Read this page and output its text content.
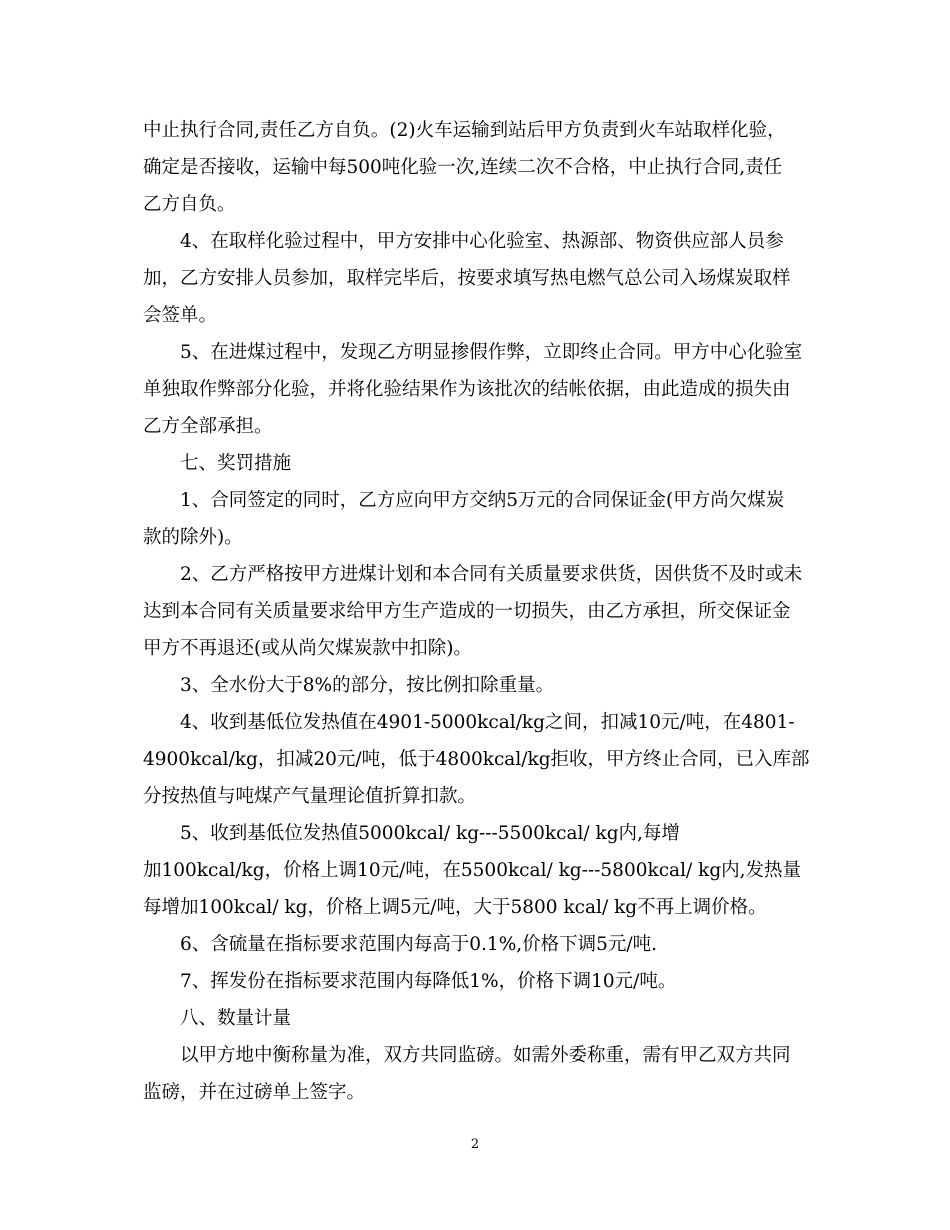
中止执行合同,责任乙方自负。(2)火车运输到站后甲方负责到火车站取样化验，
确定是否接收，运输中每500吨化验一次,连续二次不合格，中止执行合同,责任
乙方自负。
4、在取样化验过程中，甲方安排中心化验室、热源部、物资供应部人员参
加，乙方安排人员参加，取样完毕后，按要求填写热电燃气总公司入场煤炭取样
会签单。
5、在进煤过程中，发现乙方明显掺假作弊，立即终止合同。甲方中心化验室
单独取作弊部分化验，并将化验结果作为该批次的结帐依据，由此造成的损失由
乙方全部承担。
七、奖罚措施
1、合同签定的同时，乙方应向甲方交纳5万元的合同保证金(甲方尚欠煤炭
款的除外)。
2、乙方严格按甲方进煤计划和本合同有关质量要求供货，因供货不及时或未
达到本合同有关质量要求给甲方生产造成的一切损失，由乙方承担，所交保证金
甲方不再退还(或从尚欠煤炭款中扣除)。
3、全水份大于8%的部分，按比例扣除重量。
4、收到基低位发热值在4901-5000kcal/kg之间，扣减10元/吨，在4801-
4900kcal/kg，扣减20元/吨，低于4800kcal/kg拒收，甲方终止合同，已入库部
分按热值与吨煤产气量理论值折算扣款。
5、收到基低位发热值5000kcal/ kg---5500kcal/ kg内,每增
加100kcal/kg，价格上调10元/吨，在5500kcal/ kg---5800kcal/ kg内,发热量
每增加100kcal/ kg，价格上调5元/吨，大于5800 kcal/ kg不再上调价格。
6、含硫量在指标要求范围内每高于0.1%,价格下调5元/吨.
7、挥发份在指标要求范围内每降低1%，价格下调10元/吨。
八、数量计量
以甲方地中衡称量为准，双方共同监磅。如需外委称重，需有甲乙双方共同
监磅，并在过磅单上签字。
2
